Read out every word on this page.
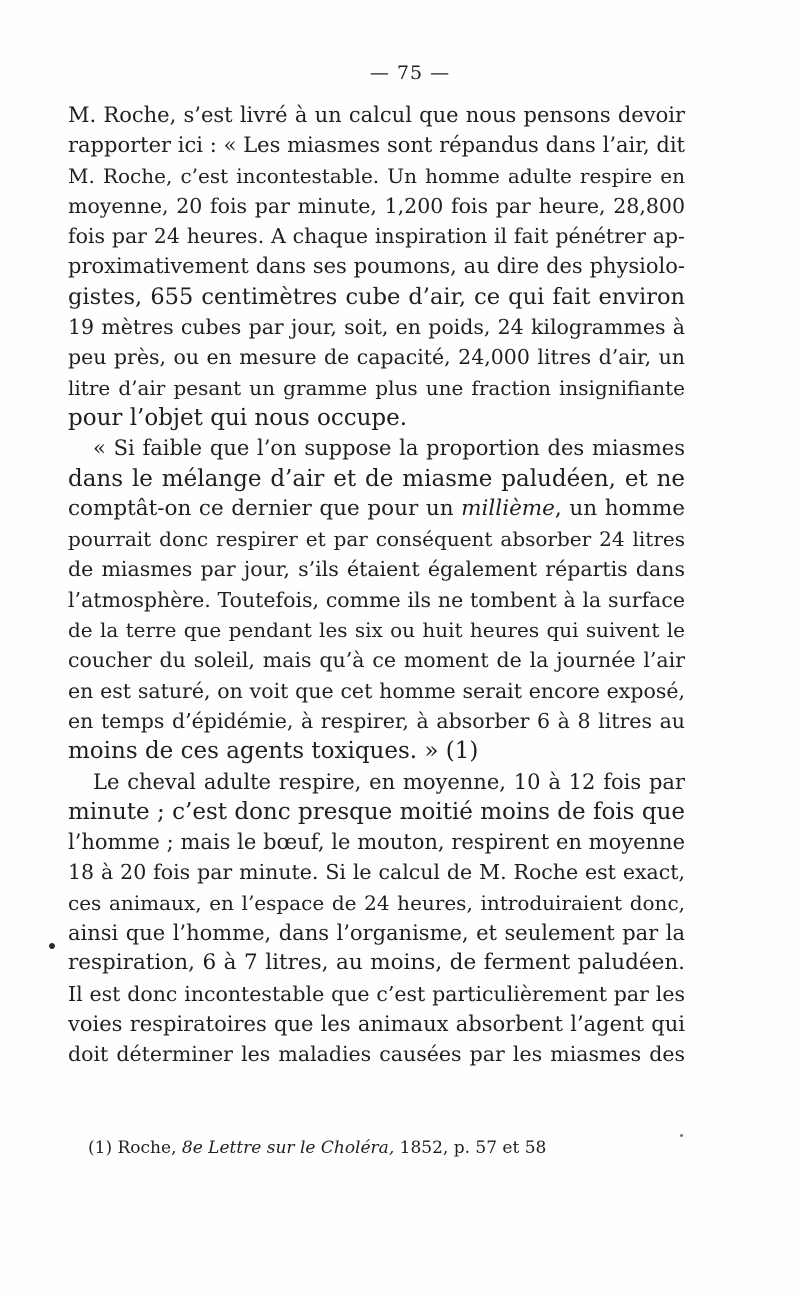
— 75 —
M. Roche, s’est livré à un calcul que nous pensons devoir
rapporter ici : « Les miasmes sont répandus dans l’air, dit
M. Roche, c’est incontestable. Un homme adulte respire en
moyenne, 20 fois par minute, 1,200 fois par heure, 28,800
fois par 24 heures. A chaque inspiration il fait pénétrer ap-
proximativement dans ses poumons, au dire des physiolo-
gistes, 655 centimètres cube d’air, ce qui fait environ
19 mètres cubes par jour, soit, en poids, 24 kilogrammes à
peu près, ou en mesure de capacité, 24,000 litres d’air, un
litre d’air pesant un gramme plus une fraction insignifiante
pour l’objet qui nous occupe.
« Si faible que l’on suppose la proportion des miasmes
dans le mélange d’air et de miasme paludéen, et ne
comptât-on ce dernier que pour un millième, un homme
pourrait donc respirer et par conséquent absorber 24 litres
de miasmes par jour, s’ils étaient également répartis dans
l’atmosphère. Toutefois, comme ils ne tombent à la surface
de la terre que pendant les six ou huit heures qui suivent le
coucher du soleil, mais qu’à ce moment de la journée l’air
en est saturé, on voit que cet homme serait encore exposé,
en temps d’épidémie, à respirer, à absorber 6 à 8 litres au
moins de ces agents toxiques. » (1)
Le cheval adulte respire, en moyenne, 10 à 12 fois par
minute ; c’est donc presque moitié moins de fois que
l’homme ; mais le bœuf, le mouton, respirent en moyenne
18 à 20 fois par minute. Si le calcul de M. Roche est exact,
ces animaux, en l’espace de 24 heures, introduiraient donc,
ainsi que l’homme, dans l’organisme, et seulement par la
respiration, 6 à 7 litres, au moins, de ferment paludéen.
Il est donc incontestable que c’est particulièrement par les
voies respiratoires que les animaux absorbent l’agent qui
doit déterminer les maladies causées par les miasmes des
(1) Roche, 8e Lettre sur le Choléra, 1852, p. 57 et 58
